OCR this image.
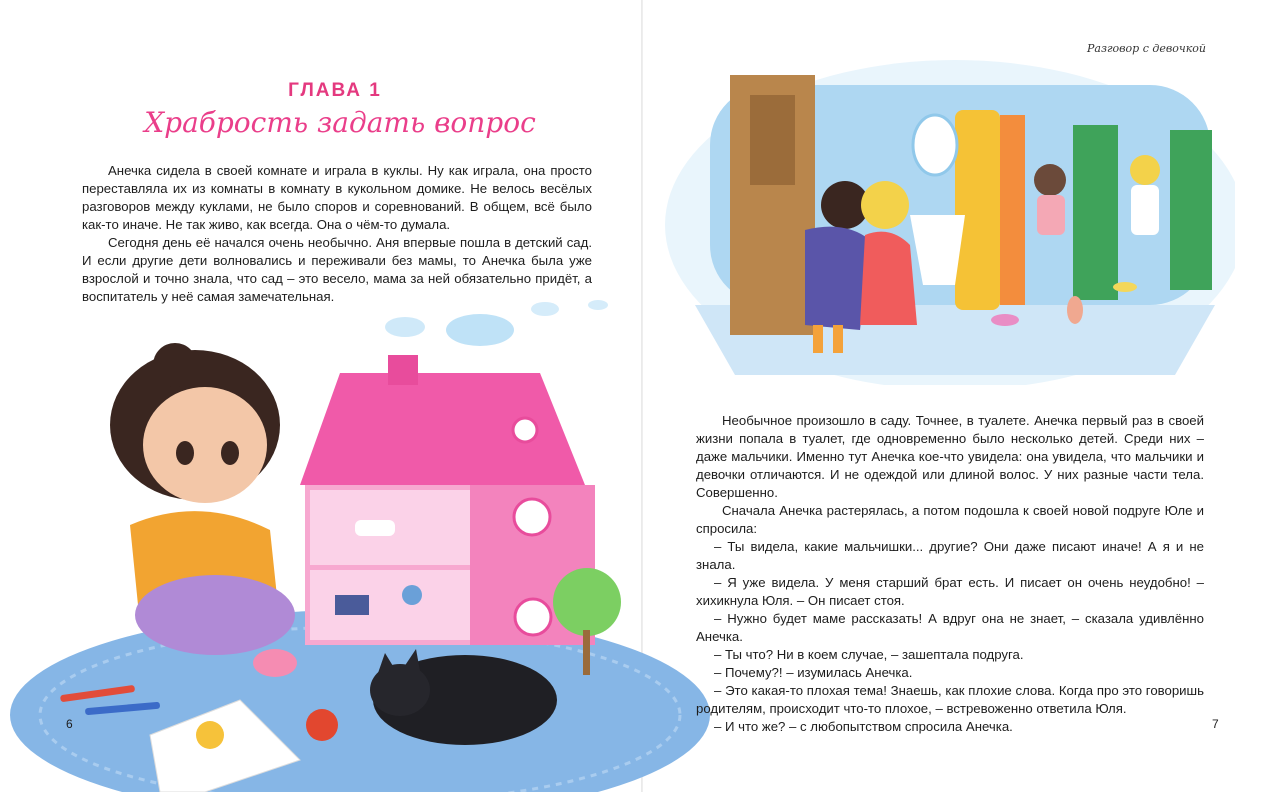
ГЛАВА 1
Храбрость задать вопрос

Анечка сидела в своей комнате и играла в куклы. Ну как играла, она просто переставляла их из комнаты в комнату в кукольном домике. Не велось весёлых разговоров между куклами, не было споров и соревнований. В общем, всё было как-то иначе. Не так живо, как всегда. Она о чём-то думала.

Сегодня день её начался очень необычно. Аня впервые пошла в детский сад. И если другие дети волновались и переживали без мамы, то Анечка была уже взрослой и точно знала, что сад – это весело, мама за ней обязательно придёт, а воспитатель у неё самая замечательная.

6
Разговор с девочкой

Необычное произошло в саду. Точнее, в туалете. Анечка первый раз в своей жизни попала в туалет, где одновременно было несколько детей. Среди них – даже мальчики. Именно тут Анечка кое-что увидела: она увидела, что мальчики и девочки отличаются. И не одеждой или длиной волос. У них разные части тела. Совершенно.

Сначала Анечка растерялась, а потом подошла к своей новой подруге Юле и спросила:

– Ты видела, какие мальчишки... другие? Они даже писают иначе! А я и не знала.

– Я уже видела. У меня старший брат есть. И писает он очень неудобно! – хихикнула Юля. – Он писает стоя.

– Нужно будет маме рассказать! А вдруг она не знает, – сказала удивлённо Анечка.

– Ты что? Ни в коем случае, – зашептала подруга.

– Почему?! – изумилась Анечка.

– Это какая-то плохая тема! Знаешь, как плохие слова. Когда про это говоришь родителям, происходит что-то плохое, – встревоженно ответила Юля.

– И что же? – с любопытством спросила Анечка.	7
